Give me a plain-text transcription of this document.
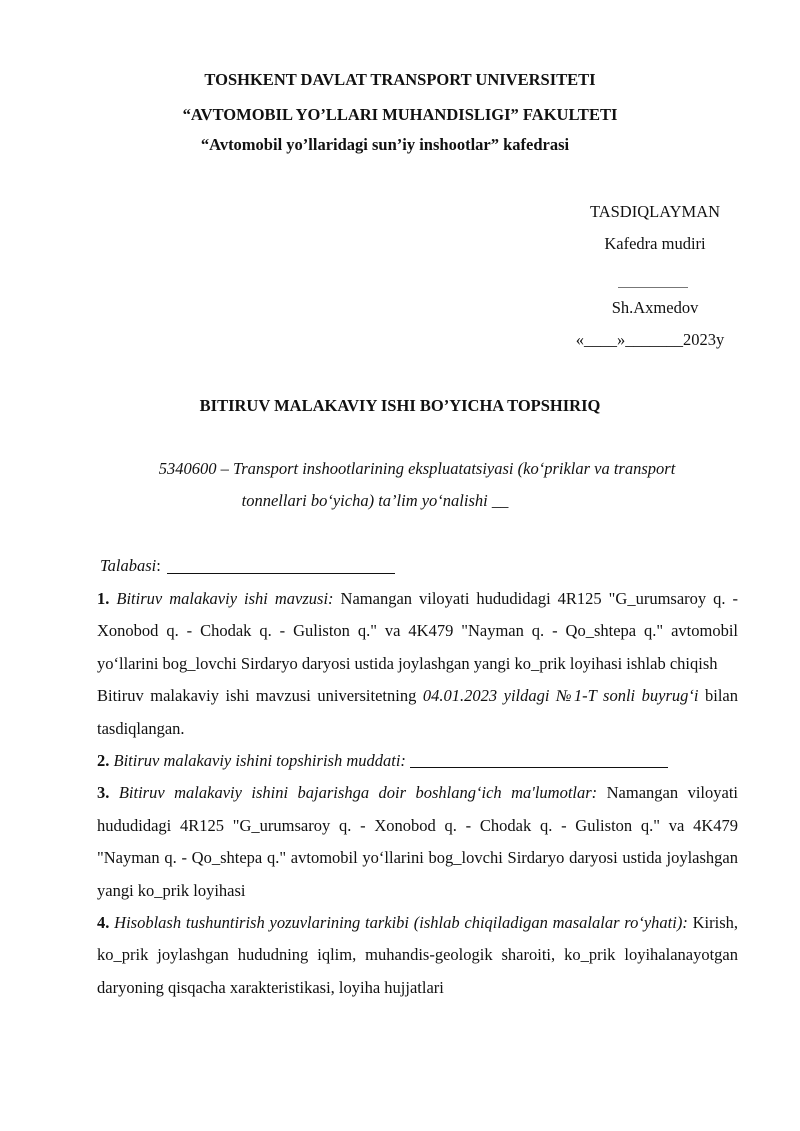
TOSHKENT DAVLAT TRANSPORT UNIVERSITETI
“AVTOMOBIL YO’LLARI MUHANDISLIGI” FAKULTETI
“Avtomobil yo’llaridagi sun’iy inshootlar” kafedrasi
TASDIQLAYMAN
Kafedra mudiri
Sh.Axmedov
«____»_______2023y
BITIRUV MALAKAVIY ISHI BO’YICHA TOPSHIRIQ
5340600 – Transport inshootlarining ekspluatatsiyasi (ko‘priklar va transport
tonnellari bo‘yicha) ta’lim yo‘nalishi __
Talabasi:

1. Bitiruv malakaviy ishi mavzusi: Namangan viloyati hududidagi 4R125 "G_urumsaroy q. - Xonobod q. - Chodak q. - Guliston q." va 4K479 "Nayman q. - Qo_shtepa q." avtomobil yo‘llarini bog_lovchi Sirdaryo daryosi ustida joylashgan yangi ko_prik loyihasi ishlab chiqish

Bitiruv malakaviy ishi mavzusi universitetning 04.01.2023 yildagi №1-T sonli buyrug‘i bilan tasdiqlangan.

2. Bitiruv malakaviy ishini topshirish muddati:

3. Bitiruv malakaviy ishini bajarishga doir boshlang‘ich ma'lumotlar: Namangan viloyati hududidagi 4R125 "G_urumsaroy q. - Xonobod q. - Chodak q. - Guliston q." va 4K479 "Nayman q. - Qo_shtepa q." avtomobil yo‘llarini bog_lovchi Sirdaryo daryosi ustida joylashgan yangi ko_prik loyihasi

4. Hisoblash tushuntirish yozuvlarining tarkibi (ishlab chiqiladigan masalalar ro‘yhati): Kirish, ko_prik joylashgan hududning iqlim, muhandis-geologik sharoiti, ko_prik loyihalanayotgan daryoning qisqacha xarakteristikasi, loyiha hujjatlari
